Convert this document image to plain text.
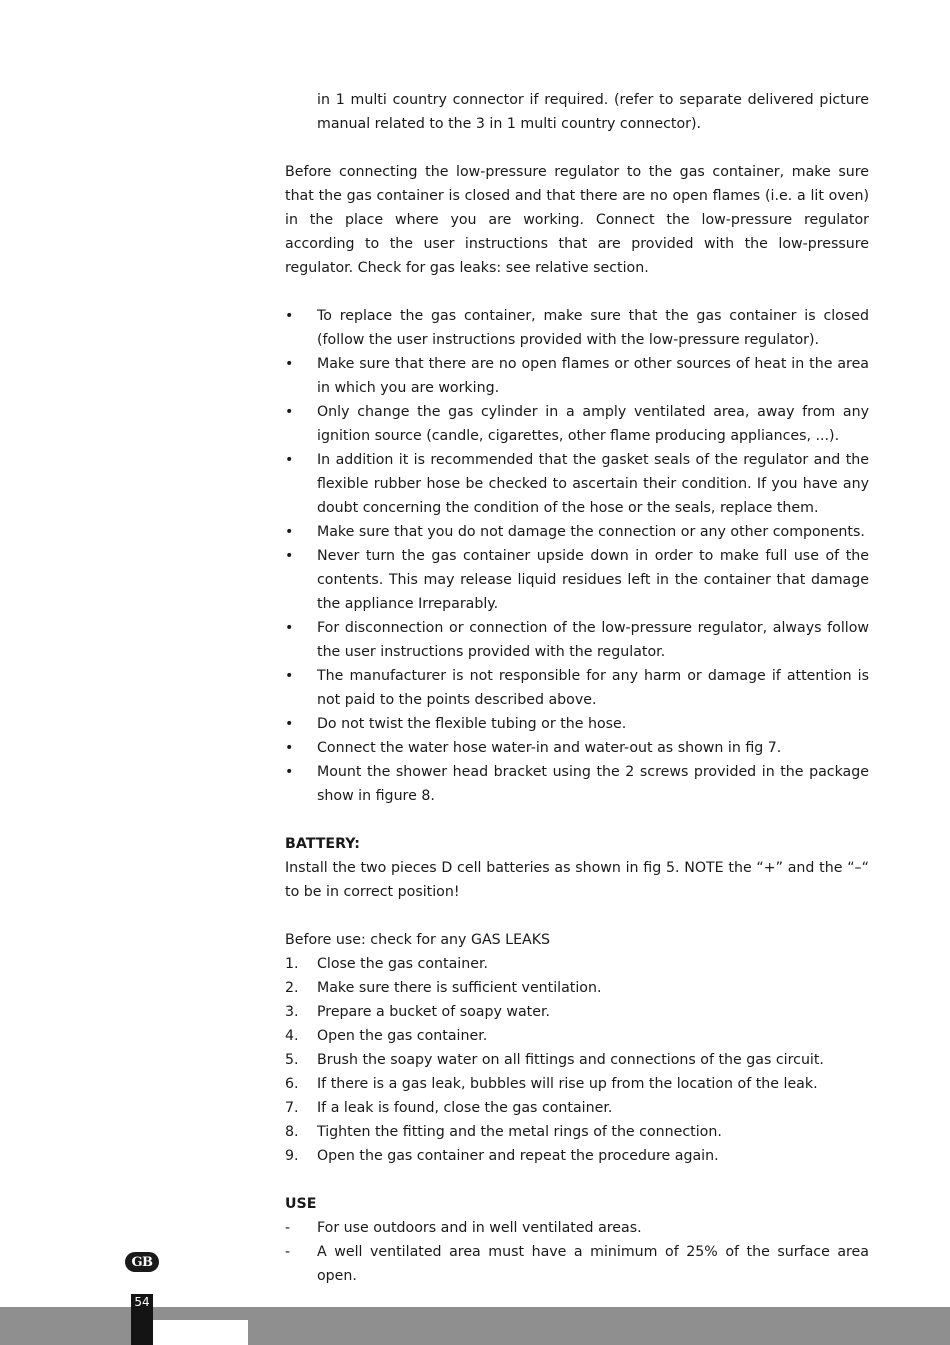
in 1 multi country connector if required. (refer to separate delivered picture manual related to the 3 in 1 multi country connector).

Before connecting the low-pressure regulator to the gas container, make sure that the gas container is closed and that there are no open flames (i.e. a lit oven) in the place where you are working. Connect the low-pressure regulator according to the user instructions that are provided with the low-pressure regulator. Check for gas leaks: see relative section.

•	To replace the gas container, make sure that the gas container is closed (follow the user instructions provided with the low-pressure regulator).
•	Make sure that there are no open flames or other sources of heat in the area in which you are working.
•	Only change the gas cylinder in a amply ventilated area, away from any ignition source (candle, cigarettes, other flame producing appliances, ...).
•	In addition it is recommended that the gasket seals of the regulator and the flexible rubber hose be checked to ascertain their condition. If you have any doubt concerning the condition of the hose or the seals, replace them.
•	Make sure that you do not damage the connection or any other components.
•	Never turn the gas container upside down in order to make full use of the contents. This may release liquid residues left in the container that damage the appliance Irreparably.
•	For disconnection or connection of the low-pressure regulator, always follow the user instructions provided with the regulator.
•	The manufacturer is not responsible for any harm or damage if attention is not paid to the points described above.
•	Do not twist the flexible tubing or the hose.
•	Connect the water hose water-in and water-out as shown in fig 7.
•	Mount the shower head bracket using the 2 screws provided in the package show in figure 8.

BATTERY:

Install the two pieces D cell batteries as shown in fig 5. NOTE the “+” and the “–“ to be in correct position!

Before use: check for any GAS LEAKS

1.	Close the gas container.
2.	Make sure there is sufficient ventilation.
3.	Prepare a bucket of soapy water.
4.	Open the gas container.
5.	Brush the soapy water on all fittings and connections of the gas circuit.
6.	If there is a gas leak, bubbles will rise up from the location of the leak.
7.	If a leak is found, close the gas container.
8.	Tighten the fitting and the metal rings of the connection.
9.	Open the gas container and repeat the procedure again.

USE

-	For use outdoors and in well ventilated areas.
-	A well ventilated area must have a minimum of 25% of the surface area open.
GB
54
